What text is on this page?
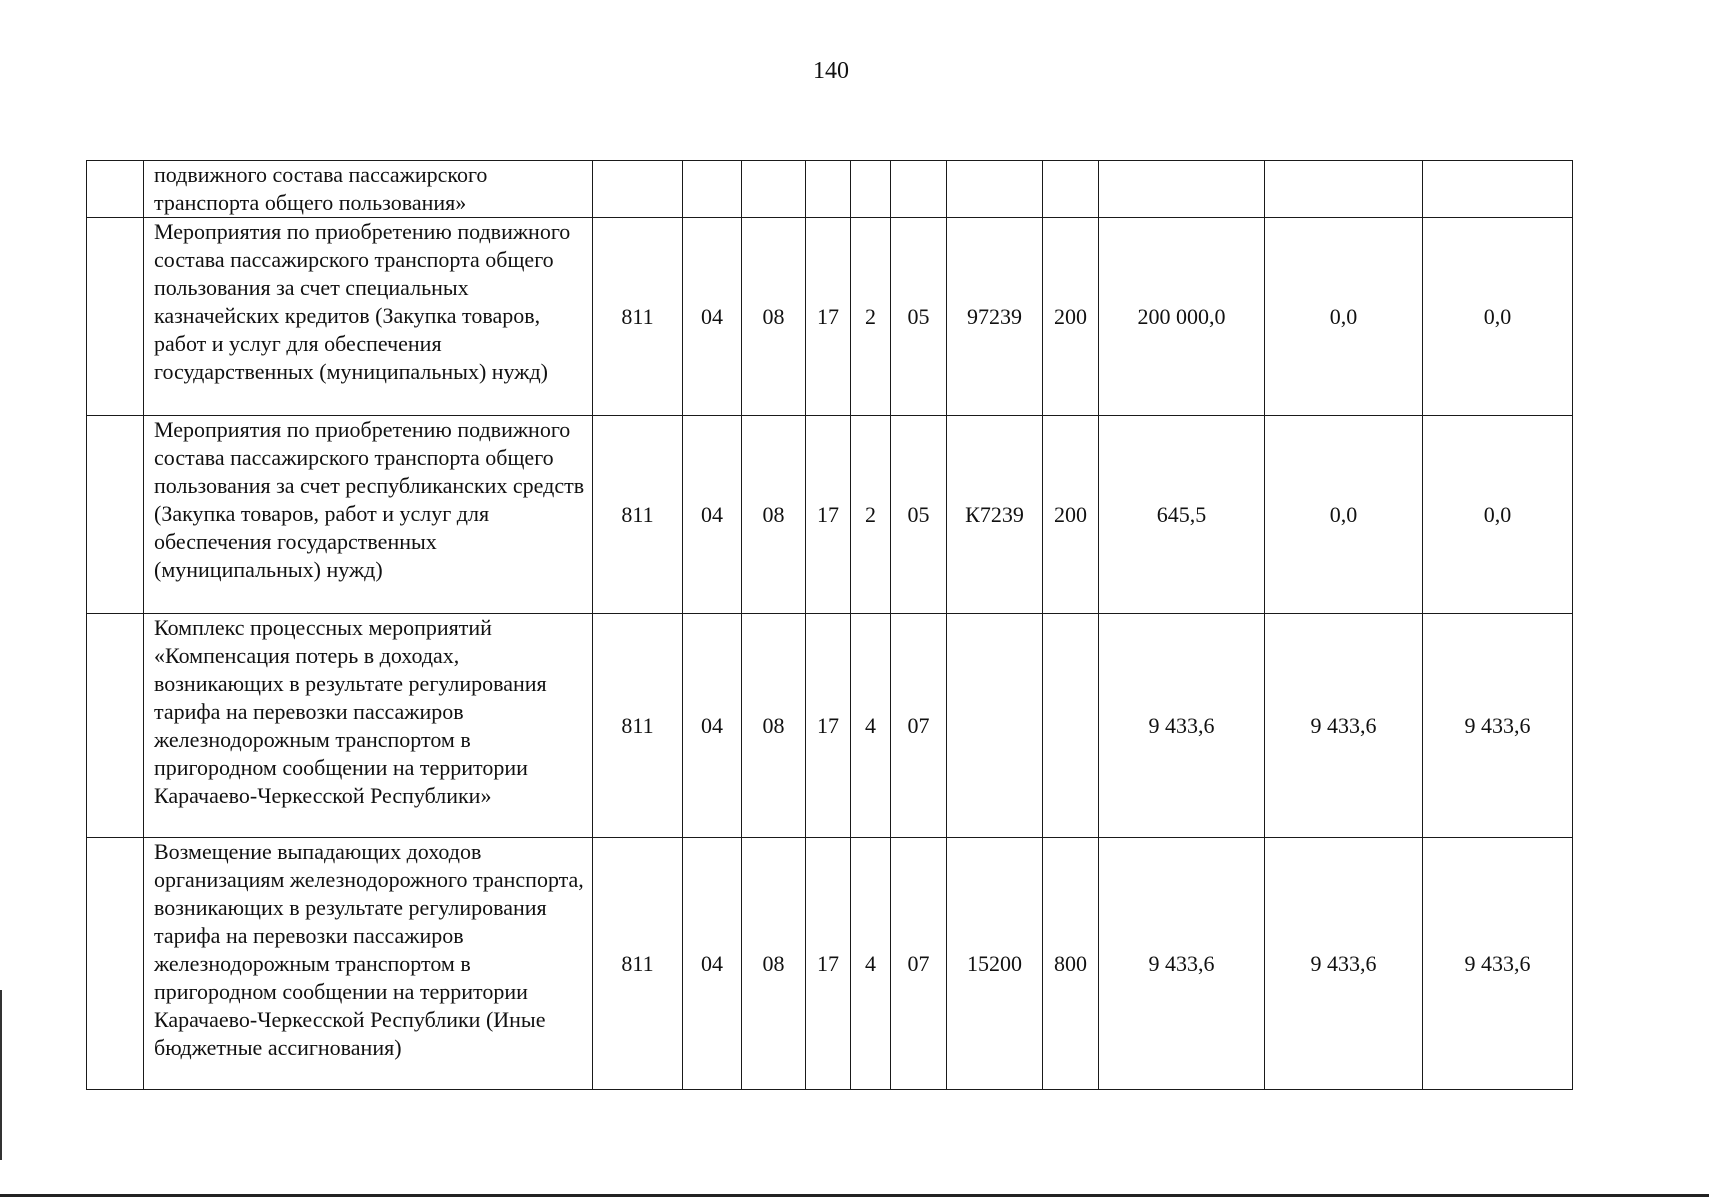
140
	подвижного состава пассажирского транспорта общего пользования»											
	Мероприятия по приобретению подвижного состава пассажирского транспорта общего пользования за счет специальных казначейских кредитов (Закупка товаров, работ и услуг для обеспечения государственных (муниципальных) нужд)	811	04	08	17	2	05	97239	200	200 000,0	0,0	0,0
	Мероприятия по приобретению подвижного состава пассажирского транспорта общего пользования за счет республиканских средств (Закупка товаров, работ и услуг для обеспечения государственных (муниципальных) нужд)	811	04	08	17	2	05	К7239	200	645,5	0,0	0,0
	Комплекс процессных мероприятий «Компенсация потерь в доходах, возникающих в результате регулирования тарифа на перевозки пассажиров железнодорожным транспортом в пригородном сообщении на территории Карачаево-Черкесской Республики»	811	04	08	17	4	07			9 433,6	9 433,6	9 433,6
	Возмещение выпадающих доходов организациям железнодорожного транспорта, возникающих в результате регулирования тарифа на перевозки пассажиров железнодорожным транспортом в пригородном сообщении на территории Карачаево-Черкесской Республики (Иные бюджетные ассигнования)	811	04	08	17	4	07	15200	800	9 433,6	9 433,6	9 433,6
